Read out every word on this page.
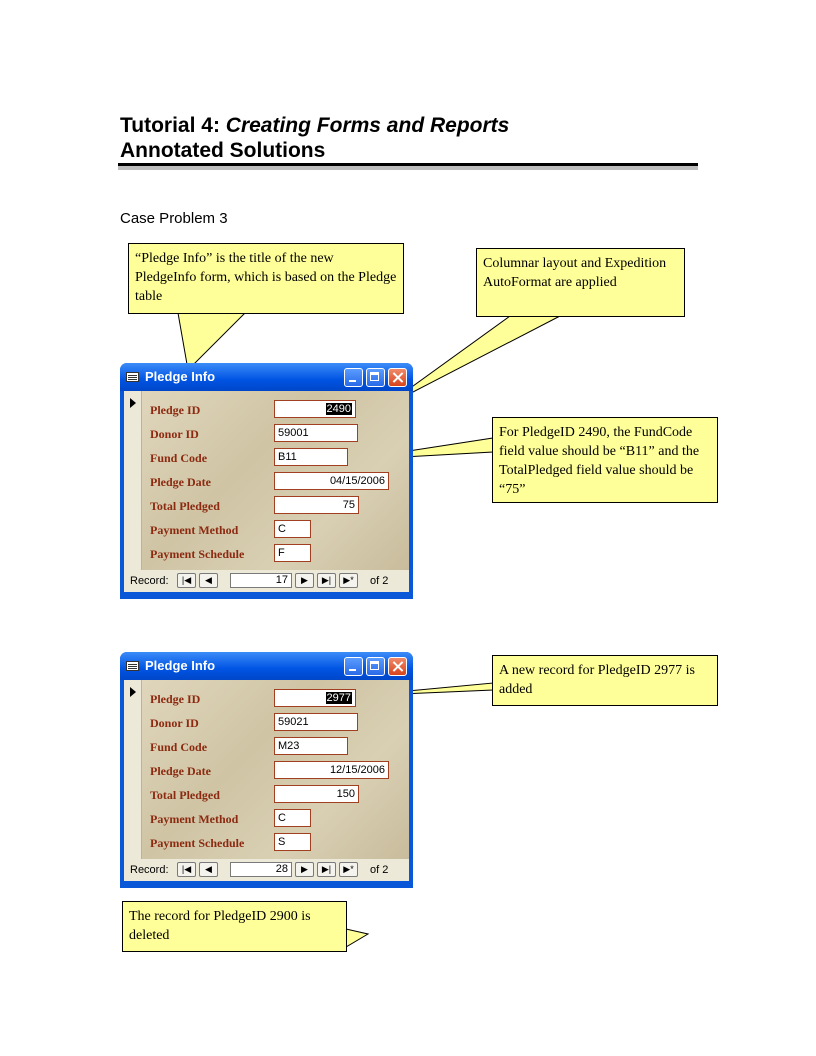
Tutorial 4: Creating Forms and Reports
Annotated Solutions
Case Problem 3
“Pledge Info” is the title of the new PledgeInfo form, which is based on the Pledge table
Columnar layout and Expedition AutoFormat are applied
For PledgeID 2490, the FundCode field value should be “B11” and the TotalPledged field value should be “75”
A new record for PledgeID 2977 is added
The record for PledgeID 2900 is deleted
Pledge Info
Pledge ID	2490
Donor ID	59001
Fund Code	B11
Pledge Date	04/15/2006
Total Pledged	75
Payment Method	C
Payment Schedule	F
Record:	|◀	◀	17	▶	▶|	▶*	of 2
Pledge Info
Pledge ID	2977
Donor ID	59021
Fund Code	M23
Pledge Date	12/15/2006
Total Pledged	150
Payment Method	C
Payment Schedule	S
Record:	|◀	◀	28	▶	▶|	▶*	of 2
